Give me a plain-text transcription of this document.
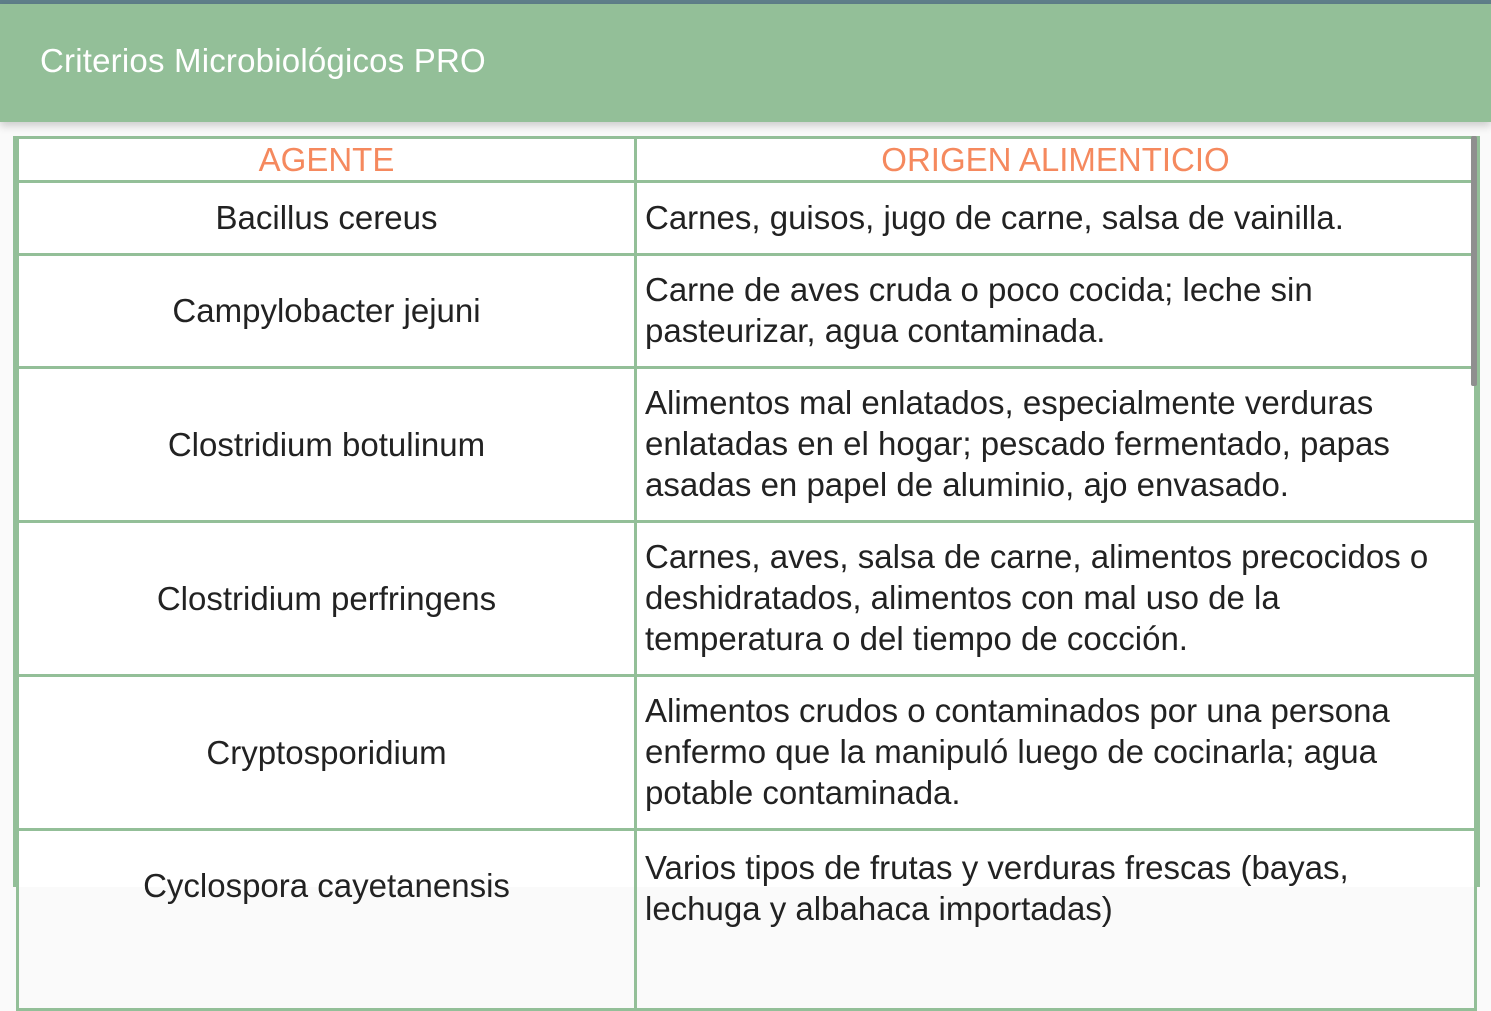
Criterios Microbiológicos PRO
AGENTE	ORIGEN ALIMENTICIO
Bacillus cereus	Carnes, guisos, jugo de carne, salsa de vainilla.
Campylobacter jejuni	Carne de aves cruda o poco cocida; leche sin pasteurizar, agua contaminada.
Clostridium botulinum	Alimentos mal enlatados, especialmente verduras enlatadas en el hogar; pescado fermentado, papas asadas en papel de aluminio, ajo envasado.
Clostridium perfringens	Carnes, aves, salsa de carne, alimentos precocidos o deshidratados, alimentos con mal uso de la temperatura o del tiempo de cocción.
Cryptosporidium	Alimentos crudos o contaminados por una persona enfermo que la manipuló luego de cocinarla; agua potable contaminada.
Cyclospora cayetanensis	Varios tipos de frutas y verduras frescas (bayas, lechuga y albahaca importadas)
